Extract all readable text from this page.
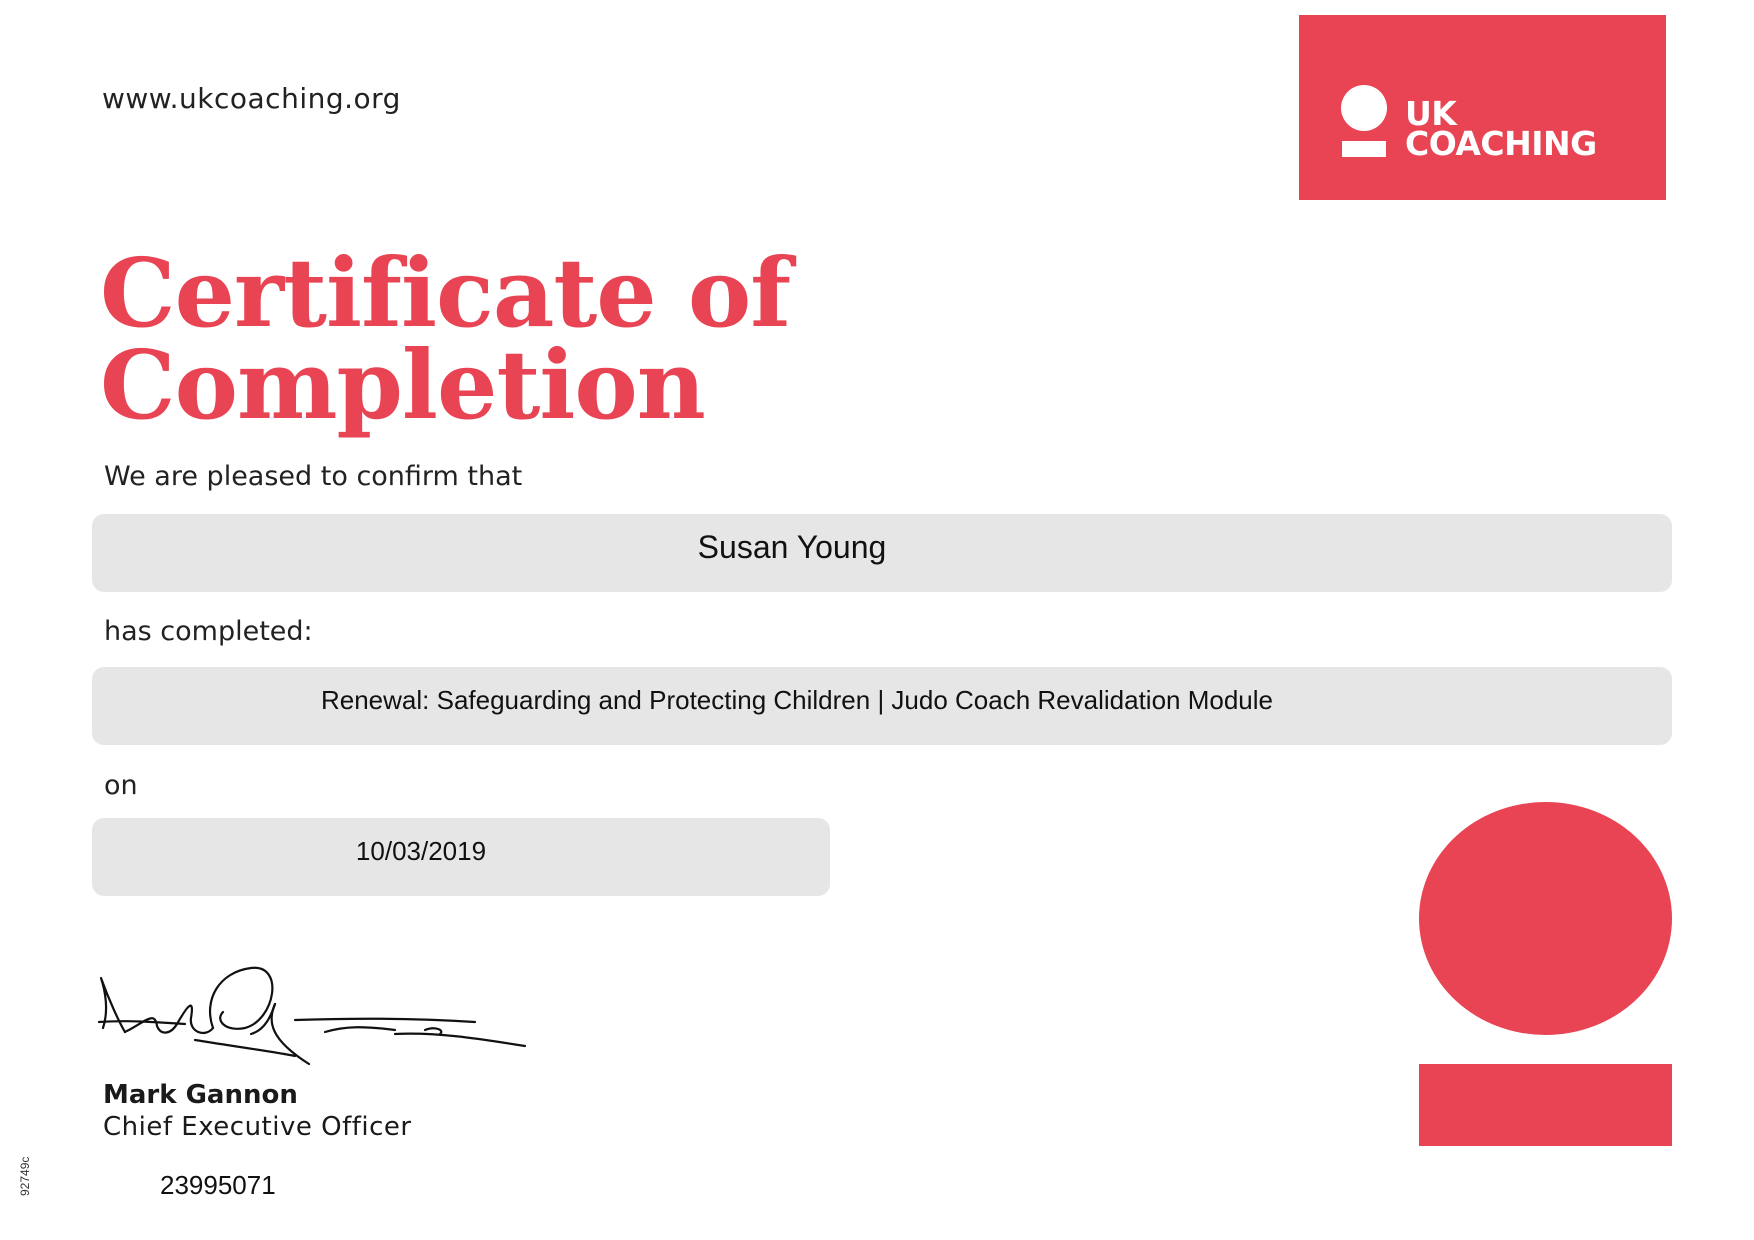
www.ukcoaching.org	UK
COACHING
Certificate of
Completion
We are pleased to confirm that
Susan Young
has completed:
Renewal: Safeguarding and Protecting Children | Judo Coach Revalidation Module
on
10/03/2019
Mark Gannon
Chief Executive Officer
23995071
92749c
